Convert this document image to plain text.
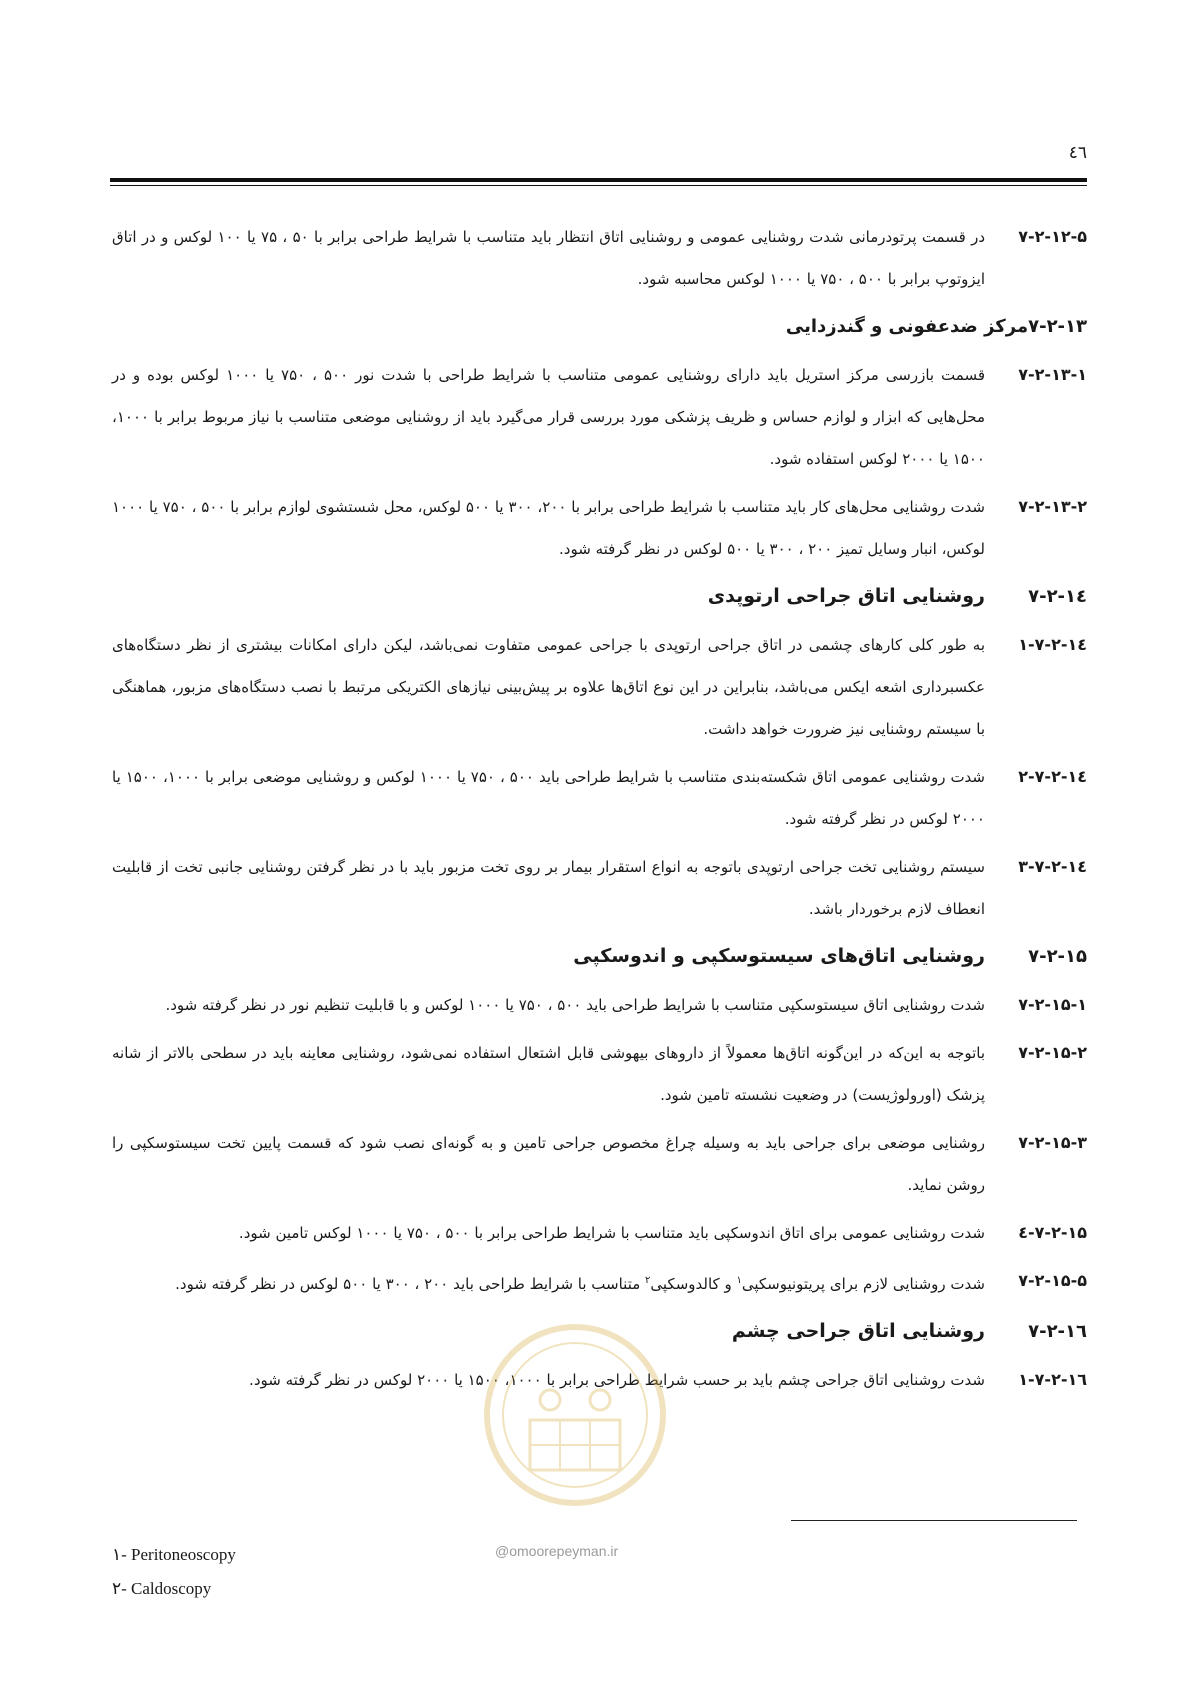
٤٦
۷-۲-۱۲-۵
در قسمت پرتودرمانی شدت روشنایی عمومی و روشنایی اتاق انتظار باید متناسب با شرایط طراحی برابر با ۵۰ ، ۷۵ یا ۱۰۰ لوکس و در اتاق ایزوتوپ برابر با ۵۰۰ ، ۷۵۰ یا ۱۰۰۰ لوکس محاسبه شود.
۷-۲-۱۳مرکز ضدعفونی و گندزدایی
۷-۲-۱۳-۱
قسمت بازرسی مرکز استریل باید دارای روشنایی عمومی متناسب با شرایط طراحی با شدت نور ۵۰۰ ، ۷۵۰ یا ۱۰۰۰ لوکس بوده و در محل‌هایی که ابزار و لوازم حساس و ظریف پزشکی مورد بررسی قرار می‌گیرد باید از روشنایی موضعی متناسب با نیاز مربوط برابر با ۱۰۰۰، ۱۵۰۰ یا ۲۰۰۰ لوکس استفاده شود.
۷-۲-۱۳-۲
شدت روشنایی محل‌های کار باید متناسب با شرایط طراحی برابر با ۲۰۰، ۳۰۰ یا ۵۰۰ لوکس، محل شستشوی لوازم برابر با ۵۰۰ ، ۷۵۰ یا ۱۰۰۰ لوکس، انبار وسایل تمیز ۲۰۰ ، ۳۰۰ یا ۵۰۰ لوکس در نظر گرفته شود.
۷-۲-۱٤
روشنایی اتاق جراحی ارتوپدی
۷-۲-۱٤-۱
به طور کلی کارهای چشمی در اتاق جراحی ارتوپدی با جراحی عمومی متفاوت نمی‌باشد، لیکن دارای امکانات بیشتری از نظر دستگاه‌های عکسبرداری اشعه ایکس می‌باشد، بنابراین در این نوع اتاق‌ها علاوه بر پیش‌بینی نیازهای الکتریکی مرتبط با نصب دستگاه‌های مزبور، هماهنگی با سیستم روشنایی نیز ضرورت خواهد داشت.
۷-۲-۱٤-۲
شدت روشنایی عمومی اتاق شکسته‌بندی متناسب با شرایط طراحی باید ۵۰۰ ، ۷۵۰ یا ۱۰۰۰ لوکس و روشنایی موضعی برابر با ۱۰۰۰، ۱۵۰۰ یا ۲۰۰۰ لوکس در نظر گرفته شود.
۷-۲-۱٤-۳
سیستم روشنایی تخت جراحی ارتوپدی باتوجه به انواع استقرار بیمار بر روی تخت مزبور باید با در نظر گرفتن روشنایی جانبی تخت از قابلیت انعطاف لازم برخوردار باشد.
۷-۲-۱۵
روشنایی اتاق‌های سیستوسکپی و اندوسکپی
۷-۲-۱۵-۱
شدت روشنایی اتاق سیستوسکپی متناسب با شرایط طراحی باید ۵۰۰ ، ۷۵۰ یا ۱۰۰۰ لوکس و با قابلیت تنظیم نور در نظر گرفته شود.
۷-۲-۱۵-۲
باتوجه به این‌که در این‌گونه اتاق‌ها معمولاً از داروهای بیهوشی قابل اشتعال استفاده نمی‌شود، روشنایی معاینه باید در سطحی بالاتر از شانه پزشک (اورولوژیست) در وضعیت نشسته تامین شود.
۷-۲-۱۵-۳
روشنایی موضعی برای جراحی باید به وسیله چراغ مخصوص جراحی تامین و به گونه‌ای نصب شود که قسمت پایین تخت سیستوسکپی را روشن نماید.
۷-۲-۱۵-٤
شدت روشنایی عمومی برای اتاق اندوسکپی باید متناسب با شرایط طراحی برابر با ۵۰۰ ، ۷۵۰ یا ۱۰۰۰ لوکس تامین شود.
۷-۲-۱۵-۵
شدت روشنایی لازم برای پریتونیوسکپی$^۱$ و کالدوسکپی$^۲$ متناسب با شرایط طراحی باید ۲۰۰ ، ۳۰۰ یا ۵۰۰ لوکس در نظر گرفته شود.
۷-۲-۱٦
روشنایی اتاق جراحی چشم
۷-۲-۱٦-۱
شدت روشنایی اتاق جراحی چشم باید بر حسب شرایط طراحی برابر با ۱۰۰۰، ۱۵۰۰ یا ۲۰۰۰ لوکس در نظر گرفته شود.
@omoorepeyman.ir
۱- Peritoneoscopy
۲- Caldoscopy
